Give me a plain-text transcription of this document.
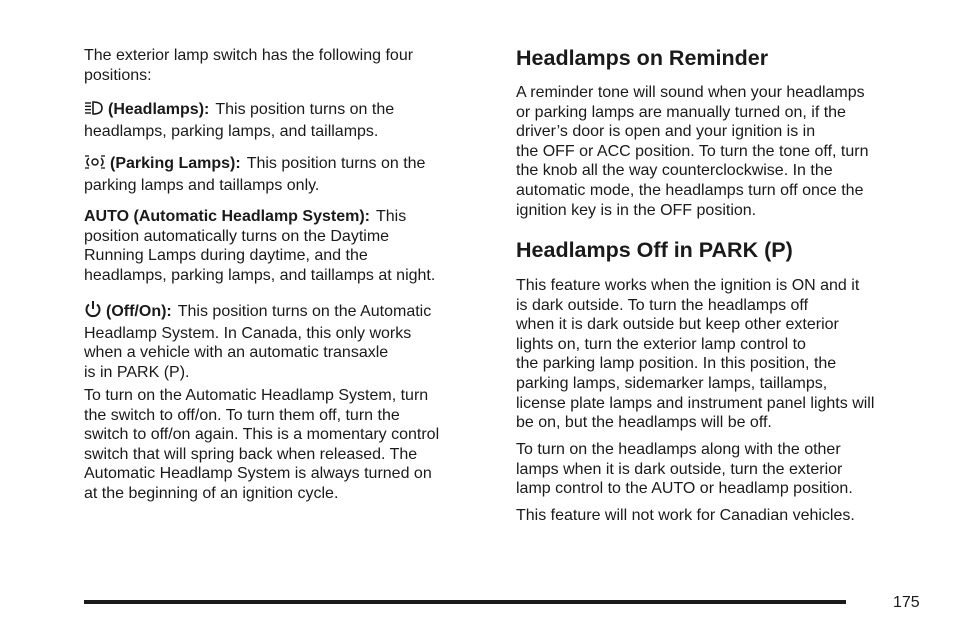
The exterior lamp switch has the following four
positions:

(Headlamps): This position turns on the
headlamps, parking lamps, and taillamps.

(Parking Lamps): This position turns on the
parking lamps and taillamps only.

AUTO (Automatic Headlamp System): This
position automatically turns on the Daytime
Running Lamps during daytime, and the
headlamps, parking lamps, and taillamps at night.

(Off/On): This position turns on the Automatic
Headlamp System. In Canada, this only works
when a vehicle with an automatic transaxle
is in PARK (P).

To turn on the Automatic Headlamp System, turn
the switch to off/on. To turn them off, turn the
switch to off/on again. This is a momentary control
switch that will spring back when released. The
Automatic Headlamp System is always turned on
at the beginning of an ignition cycle.

Headlamps on Reminder

A reminder tone will sound when your headlamps
or parking lamps are manually turned on, if the
driver’s door is open and your ignition is in
the OFF or ACC position. To turn the tone off, turn
the knob all the way counterclockwise. In the
automatic mode, the headlamps turn off once the
ignition key is in the OFF position.

Headlamps Off in PARK (P)

This feature works when the ignition is ON and it
is dark outside. To turn the headlamps off
when it is dark outside but keep other exterior
lights on, turn the exterior lamp control to
the parking lamp position. In this position, the
parking lamps, sidemarker lamps, taillamps,
license plate lamps and instrument panel lights will
be on, but the headlamps will be off.

To turn on the headlamps along with the other
lamps when it is dark outside, turn the exterior
lamp control to the AUTO or headlamp position.

This feature will not work for Canadian vehicles.

175
